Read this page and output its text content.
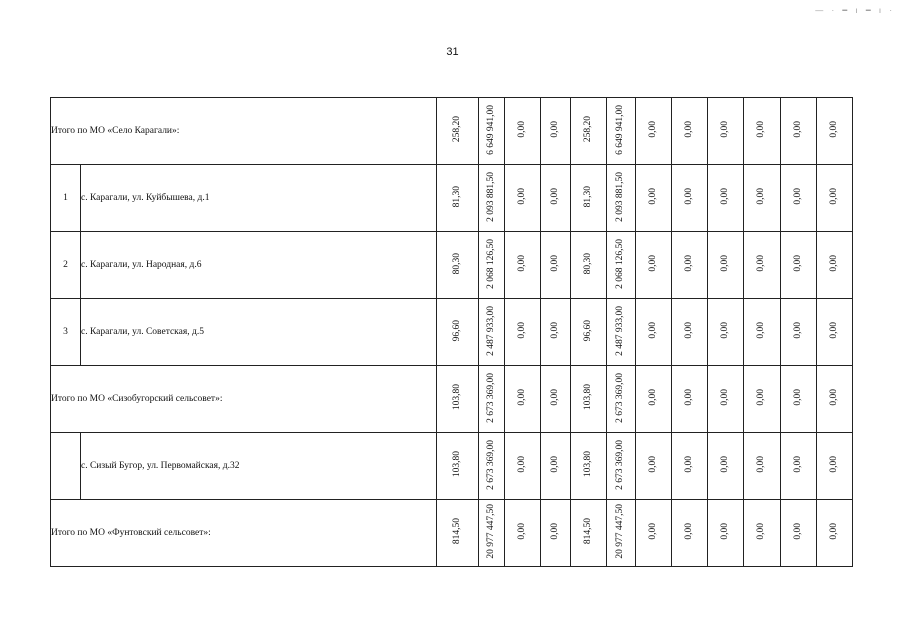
— · ━ ı ━ ı ·
31
Итого по МО «Село Карагали»:		258,20	6 649 941,00	0,00	0,00	258,20	6 649 941,00	0,00	0,00	0,00	0,00	0,00	0,00
1	с. Карагали, ул. Куйбышева, д.1	81,30	2 093 881,50	0,00	0,00	81,30	2 093 881,50	0,00	0,00	0,00	0,00	0,00	0,00
2	с. Карагали, ул. Народная, д.6	80,30	2 068 126,50	0,00	0,00	80,30	2 068 126,50	0,00	0,00	0,00	0,00	0,00	0,00
3	с. Карагали, ул. Советская, д.5	96,60	2 487 933,00	0,00	0,00	96,60	2 487 933,00	0,00	0,00	0,00	0,00	0,00	0,00
Итого по МО «Сизобугорский сельсовет»:		103,80	2 673 369,00	0,00	0,00	103,80	2 673 369,00	0,00	0,00	0,00	0,00	0,00	0,00
	с. Сизый Бугор, ул. Первомайская, д.32	103,80	2 673 369,00	0,00	0,00	103,80	2 673 369,00	0,00	0,00	0,00	0,00	0,00	0,00
Итого по МО «Фунтовский сельсовет»:		814,50	20 977 447,50	0,00	0,00	814,50	20 977 447,50	0,00	0,00	0,00	0,00	0,00	0,00
